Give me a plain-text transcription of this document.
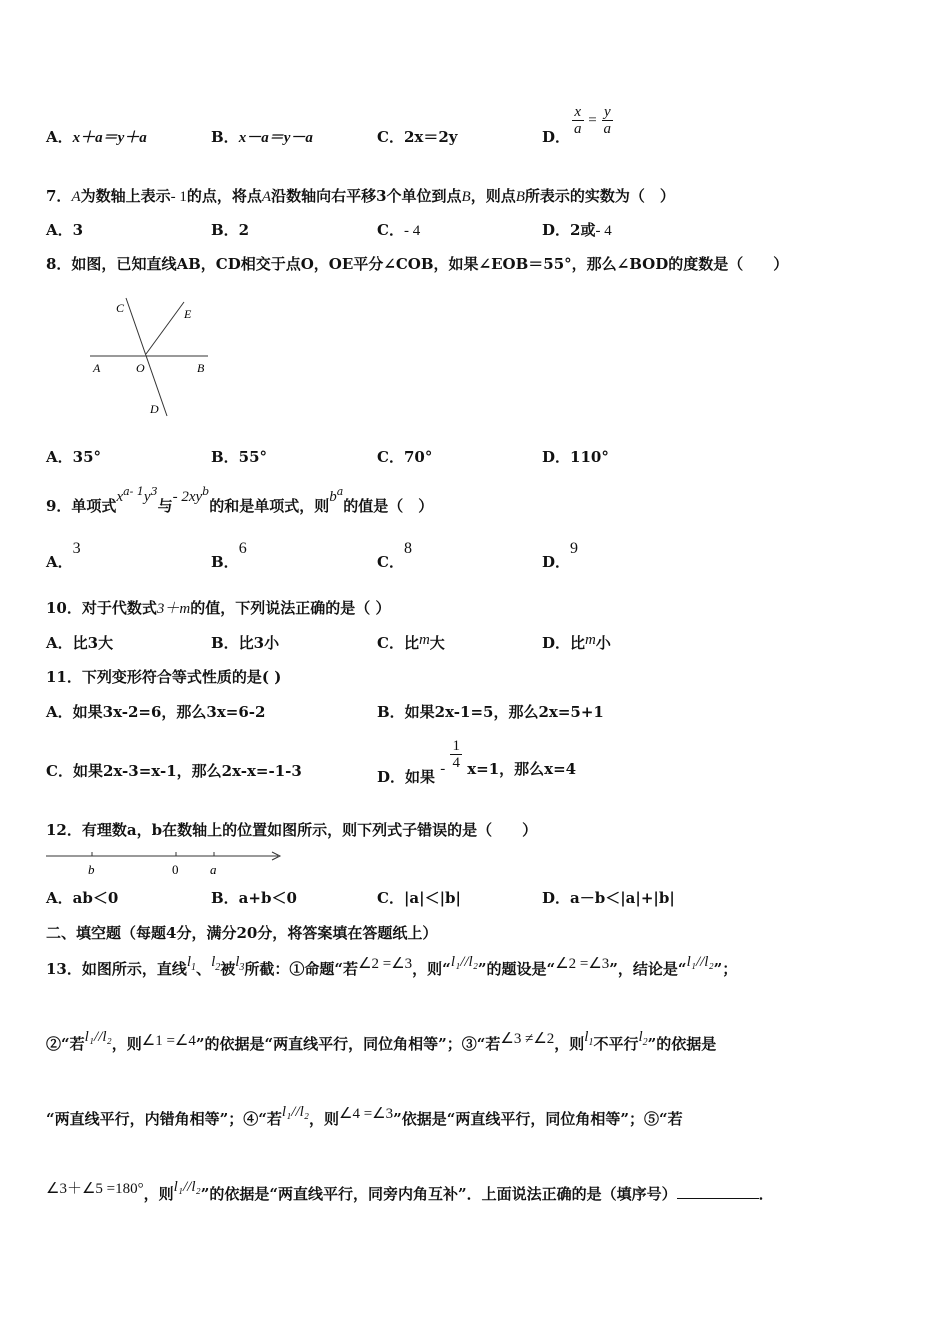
A．x＋a＝y＋a	B．x－a＝y－a	C．2x＝2y	D． $\frac{x}{a} = \frac{y}{a}$
7．A为数轴上表示- 1的点，将点A沿数轴向右平移3个单位到点B，则点B所表示的实数为（　）
A．3	B．2	C．- 4	D．2或- 4
8．如图，已知直线AB，CD相交于点O，OE平分∠COB，如果∠EOB＝55°，那么∠BOD的度数是（　　）
C	E
A	O	B
D
A．35°	B．55°	C．70°	D．110°
9．单项式$x^{a- 1}y^3$与- $2xy^b$的和是单项式，则$b^a$的值是（　）
A．3
B．6
C．8
D．9
10．对于代数式3＋m的值，下列说法正确的是（ ）
A．比3大	B．比3小	C．比m大	D．比m小
11．下列变形符合等式性质的是( )
A．如果3x-2=6，那么3x=6-2	B．如果2x-1=5，那么2x=5+1
C．如果2x-3=x-1，那么2x-x=-1-3	D．如果 - $\frac{1}{4} x=1$，那么x=4
12．有理数a，b在数轴上的位置如图所示，则下列式子错误的是（　　）
b	0 a
A．ab＜0	B．a+b＜0	C．|a|＜|b|	D．a－b＜|a|+|b|
二、填空题（每题4分，满分20分，将答案填在答题纸上）
13．如图所示，直线$l_1$、$l_2$被$l_3$所截：①命题“若∠2 =∠3，则“l₁//l₂”的题设是“∠2 =∠3”，结论是“l₁//l₂”；
②“若l₁//l₂，则∠1 =∠4”的依据是“两直线平行，同位角相等”；③“若∠3 ≠∠2，则$l_1$不平行$l_2$”的依据是
“两直线平行，内错角相等”；④“若l₁//l₂，则∠4 =∠3”依据是“两直线平行，同位角相等”；⑤“若
∠3＋∠5 =180°，则l₁//l₂”的依据是“两直线平行，同旁内角互补”．上面说法正确的是（填序号）	．
